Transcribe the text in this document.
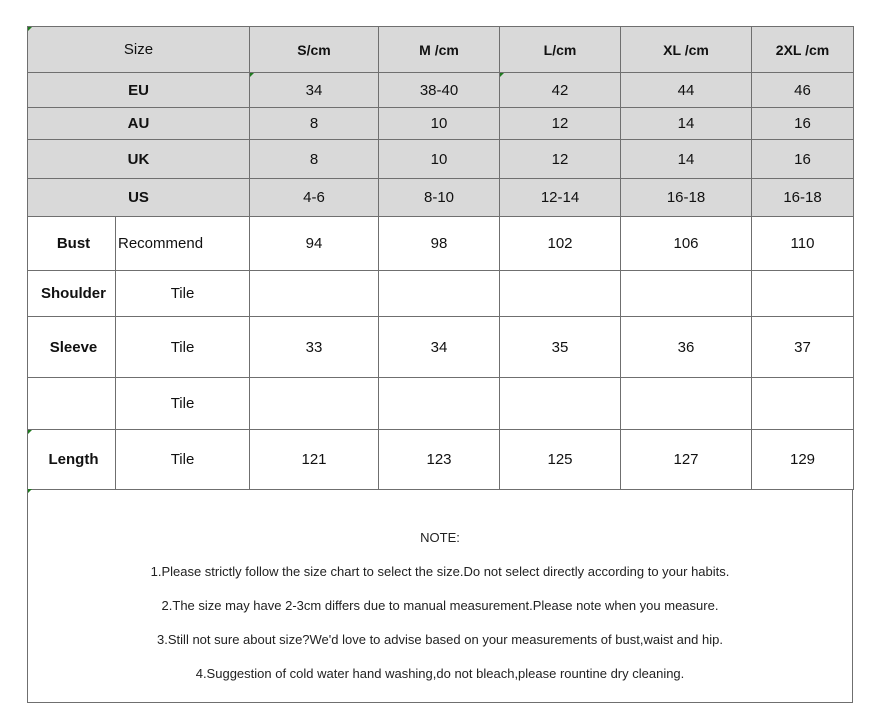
Size		S/cm	M /cm	L/cm	XL /cm	2XL /cm
EU		34	38-40	42	44	46
AU		8	10	12	14	16
UK		8	10	12	14	16
US		4-6	8-10	12-14	16-18	16-18
Bust	Recommend	94	98	102	106	110
Shoulder	Tile					
Sleeve	Tile	33	34	35	36	37
	Tile					
Length	Tile	121	123	125	127	129

NOTE:

1.Please strictly follow the size chart to select the size.Do not select directly according to your habits.

2.The size may have 2-3cm differs due to manual measurement.Please note when you measure.

3.Still not sure about size?We'd love to advise based on your measurements of bust,waist and hip.

4.Suggestion of cold water hand washing,do not bleach,please rountine dry cleaning.
